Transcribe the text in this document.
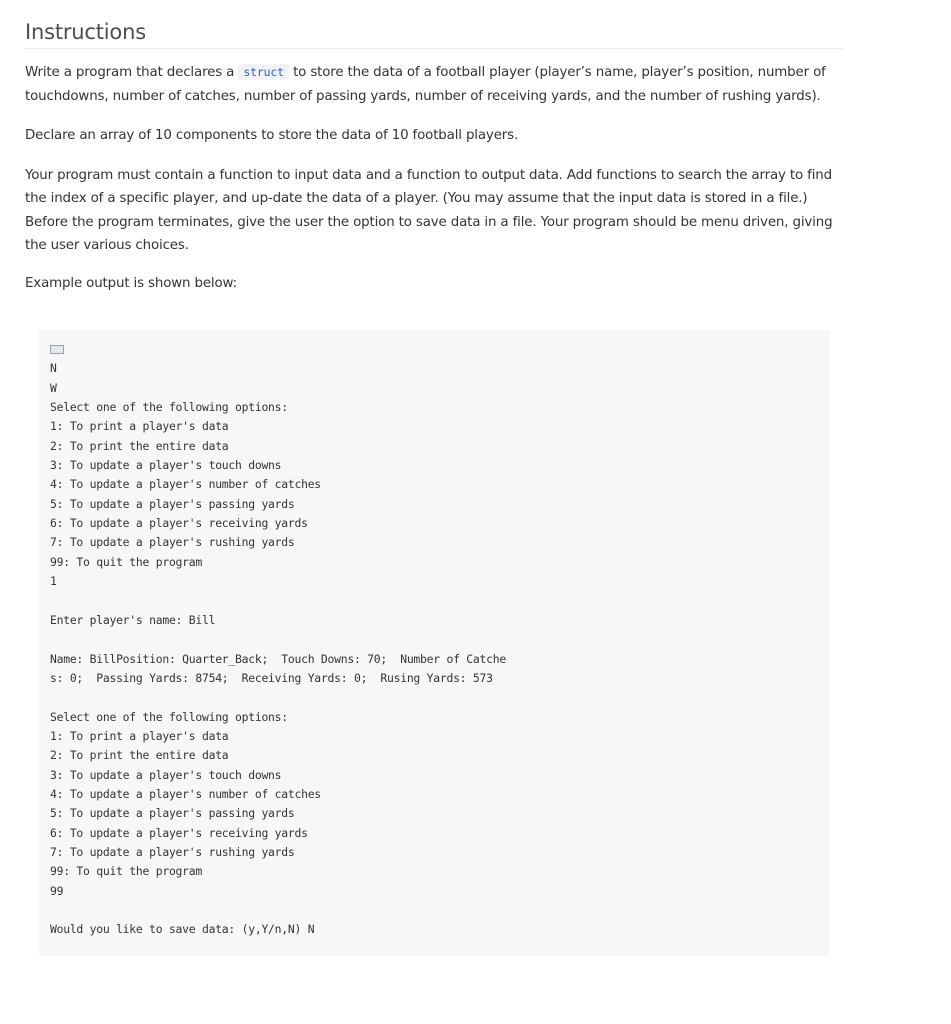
Instructions

Write a program that declares a struct to store the data of a football player (player’s name, player’s position, number of touchdowns, number of catches, number of passing yards, number of receiving yards, and the number of rushing yards).

Declare an array of 10 components to store the data of 10 football players.

Your program must contain a function to input data and a function to output data. Add functions to search the array to find the index of a specific player, and up-date the data of a player. (You may assume that the input data is stored in a file.) Before the program terminates, give the user the option to save data in a file. Your program should be menu driven, giving the user various choices.

Example output is shown below:

N
W
Select one of the following options:
1: To print a player's data
2: To print the entire data
3: To update a player's touch downs
4: To update a player's number of catches
5: To update a player's passing yards
6: To update a player's receiving yards
7: To update a player's rushing yards
99: To quit the program
1
Enter player's name: Bill
Name: BillPosition: Quarter_Back;  Touch Downs: 70;  Number of Catche
s: 0;  Passing Yards: 8754;  Receiving Yards: 0;  Rusing Yards: 573
Select one of the following options:
1: To print a player's data
2: To print the entire data
3: To update a player's touch downs
4: To update a player's number of catches
5: To update a player's passing yards
6: To update a player's receiving yards
7: To update a player's rushing yards
99: To quit the program
99
Would you like to save data: (y,Y/n,N) N
